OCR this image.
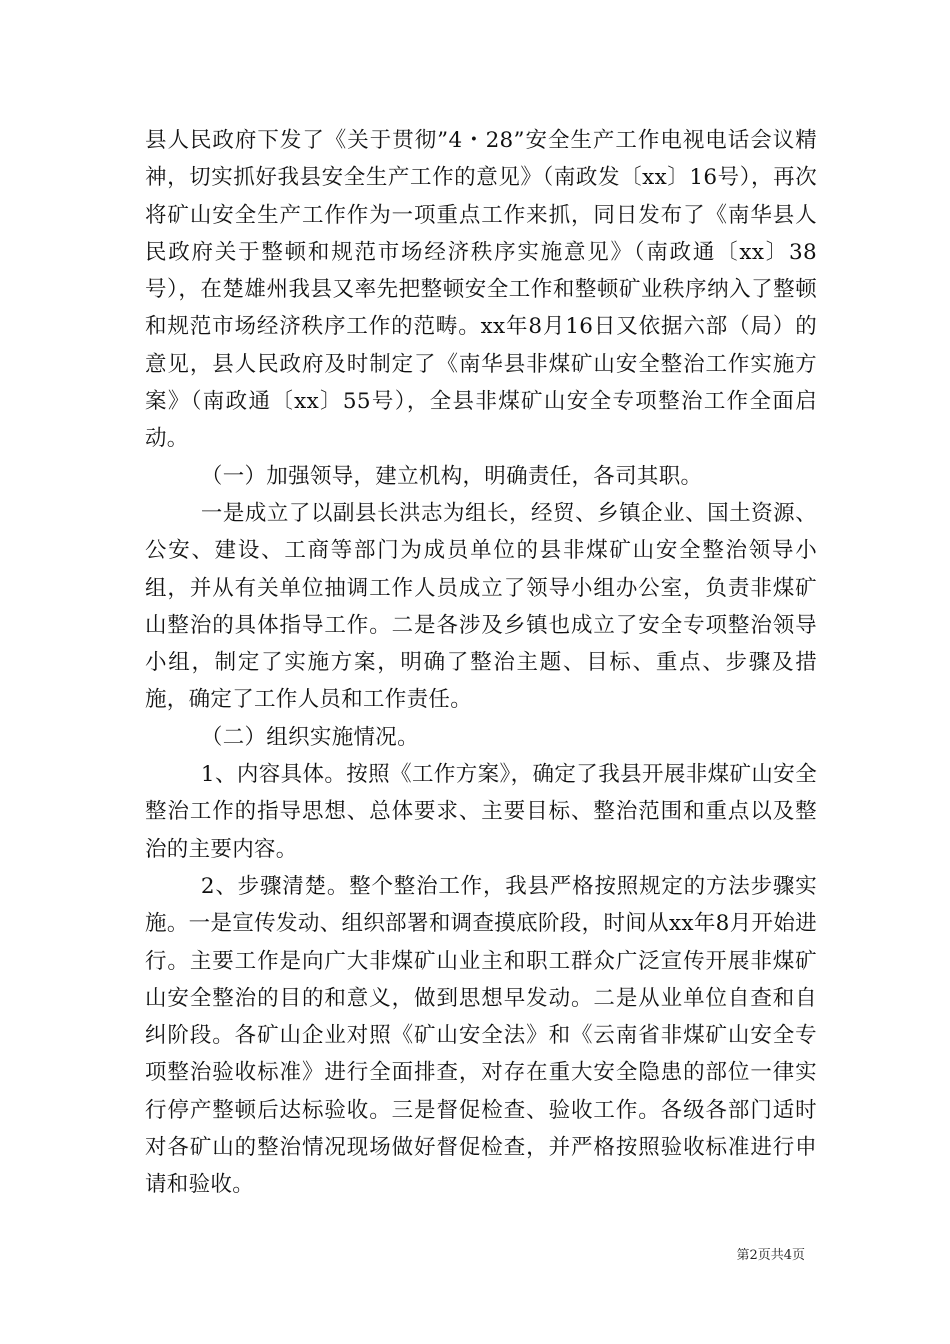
县人民政府下发了《关于贯彻”4・28”安全生产工作电视电话会议精神，切实抓好我县安全生产工作的意见》（南政发〔xx〕16号），再次将矿山安全生产工作作为一项重点工作来抓，同日发布了《南华县人民政府关于整顿和规范市场经济秩序实施意见》（南政通〔xx〕38号），在楚雄州我县又率先把整顿安全工作和整顿矿业秩序纳入了整顿和规范市场经济秩序工作的范畴。xx年8月16日又依据六部（局）的意见，县人民政府及时制定了《南华县非煤矿山安全整治工作实施方案》（南政通〔xx〕55号），全县非煤矿山安全专项整治工作全面启动。

（一）加强领导，建立机构，明确责任，各司其职。

一是成立了以副县长洪志为组长，经贸、乡镇企业、国土资源、公安、建设、工商等部门为成员单位的县非煤矿山安全整治领导小组，并从有关单位抽调工作人员成立了领导小组办公室，负责非煤矿山整治的具体指导工作。二是各涉及乡镇也成立了安全专项整治领导小组，制定了实施方案，明确了整治主题、目标、重点、步骤及措施，确定了工作人员和工作责任。

（二）组织实施情况。

1、内容具体。按照《工作方案》，确定了我县开展非煤矿山安全整治工作的指导思想、总体要求、主要目标、整治范围和重点以及整治的主要内容。

2、步骤清楚。整个整治工作，我县严格按照规定的方法步骤实施。一是宣传发动、组织部署和调查摸底阶段，时间从xx年8月开始进行。主要工作是向广大非煤矿山业主和职工群众广泛宣传开展非煤矿山安全整治的目的和意义，做到思想早发动。二是从业单位自查和自纠阶段。各矿山企业对照《矿山安全法》和《云南省非煤矿山安全专项整治验收标准》进行全面排查，对存在重大安全隐患的部位一律实行停产整顿后达标验收。三是督促检查、验收工作。各级各部门适时对各矿山的整治情况现场做好督促检查，并严格按照验收标准进行申请和验收。

第2页共4页
